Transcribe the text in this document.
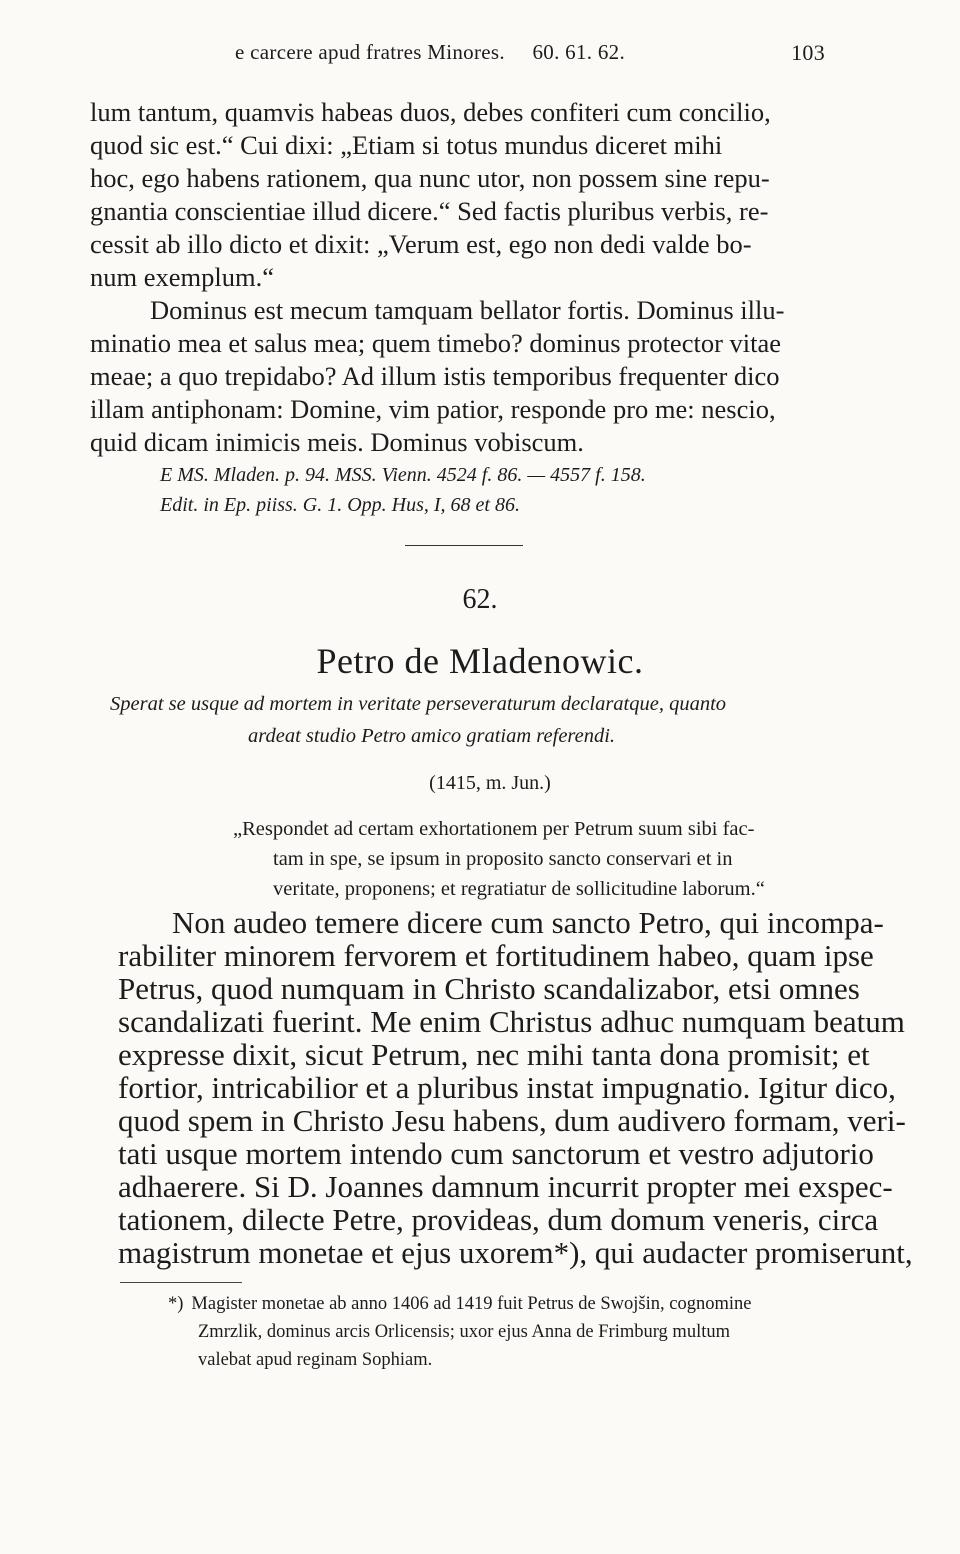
e carcere apud fratres Minores. 60. 61. 62.	103
lum tantum, quamvis habeas duos, debes confiteri cum concilio,
quod sic est.“ Cui dixi: „Etiam si totus mundus diceret mihi
hoc, ego habens rationem, qua nunc utor, non possem sine repu-
gnantia conscientiae illud dicere.“ Sed factis pluribus verbis, re-
cessit ab illo dicto et dixit: „Verum est, ego non dedi valde bo-
num exemplum.“
Dominus est mecum tamquam bellator fortis. Dominus illu-
minatio mea et salus mea; quem timebo? dominus protector vitae
meae; a quo trepidabo? Ad illum istis temporibus frequenter dico
illam antiphonam: Domine, vim patior, responde pro me: nescio,
quid dicam inimicis meis. Dominus vobiscum.
E MS. Mladen. p. 94. MSS. Vienn. 4524 f. 86. — 4557 f. 158.
Edit. in Ep. piiss. G. 1. Opp. Hus, I, 68 et 86.
62.
Petro de Mladenowic.
Sperat se usque ad mortem in veritate perseveraturum declaratque, quanto
ardeat studio Petro amico gratiam referendi.
(1415, m. Jun.)
„Respondet ad certam exhortationem per Petrum suum sibi fac-
tam in spe, se ipsum in proposito sancto conservari et in
veritate, proponens; et regratiatur de sollicitudine laborum.“
Non audeo temere dicere cum sancto Petro, qui incompa-
rabiliter minorem fervorem et fortitudinem habeo, quam ipse
Petrus, quod numquam in Christo scandalizabor, etsi omnes
scandalizati fuerint. Me enim Christus adhuc numquam beatum
expresse dixit, sicut Petrum, nec mihi tanta dona promisit; et
fortior, intricabilior et a pluribus instat impugnatio. Igitur dico,
quod spem in Christo Jesu habens, dum audivero formam, veri-
tati usque mortem intendo cum sanctorum et vestro adjutorio
adhaerere. Si D. Joannes damnum incurrit propter mei exspec-
tationem, dilecte Petre, provideas, dum domum veneris, circa
magistrum monetae et ejus uxorem*), qui audacter promiserunt,
*) Magister monetae ab anno 1406 ad 1419 fuit Petrus de Swojšin, cognomine
Zmrzlik, dominus arcis Orlicensis; uxor ejus Anna de Frimburg multum
valebat apud reginam Sophiam.
